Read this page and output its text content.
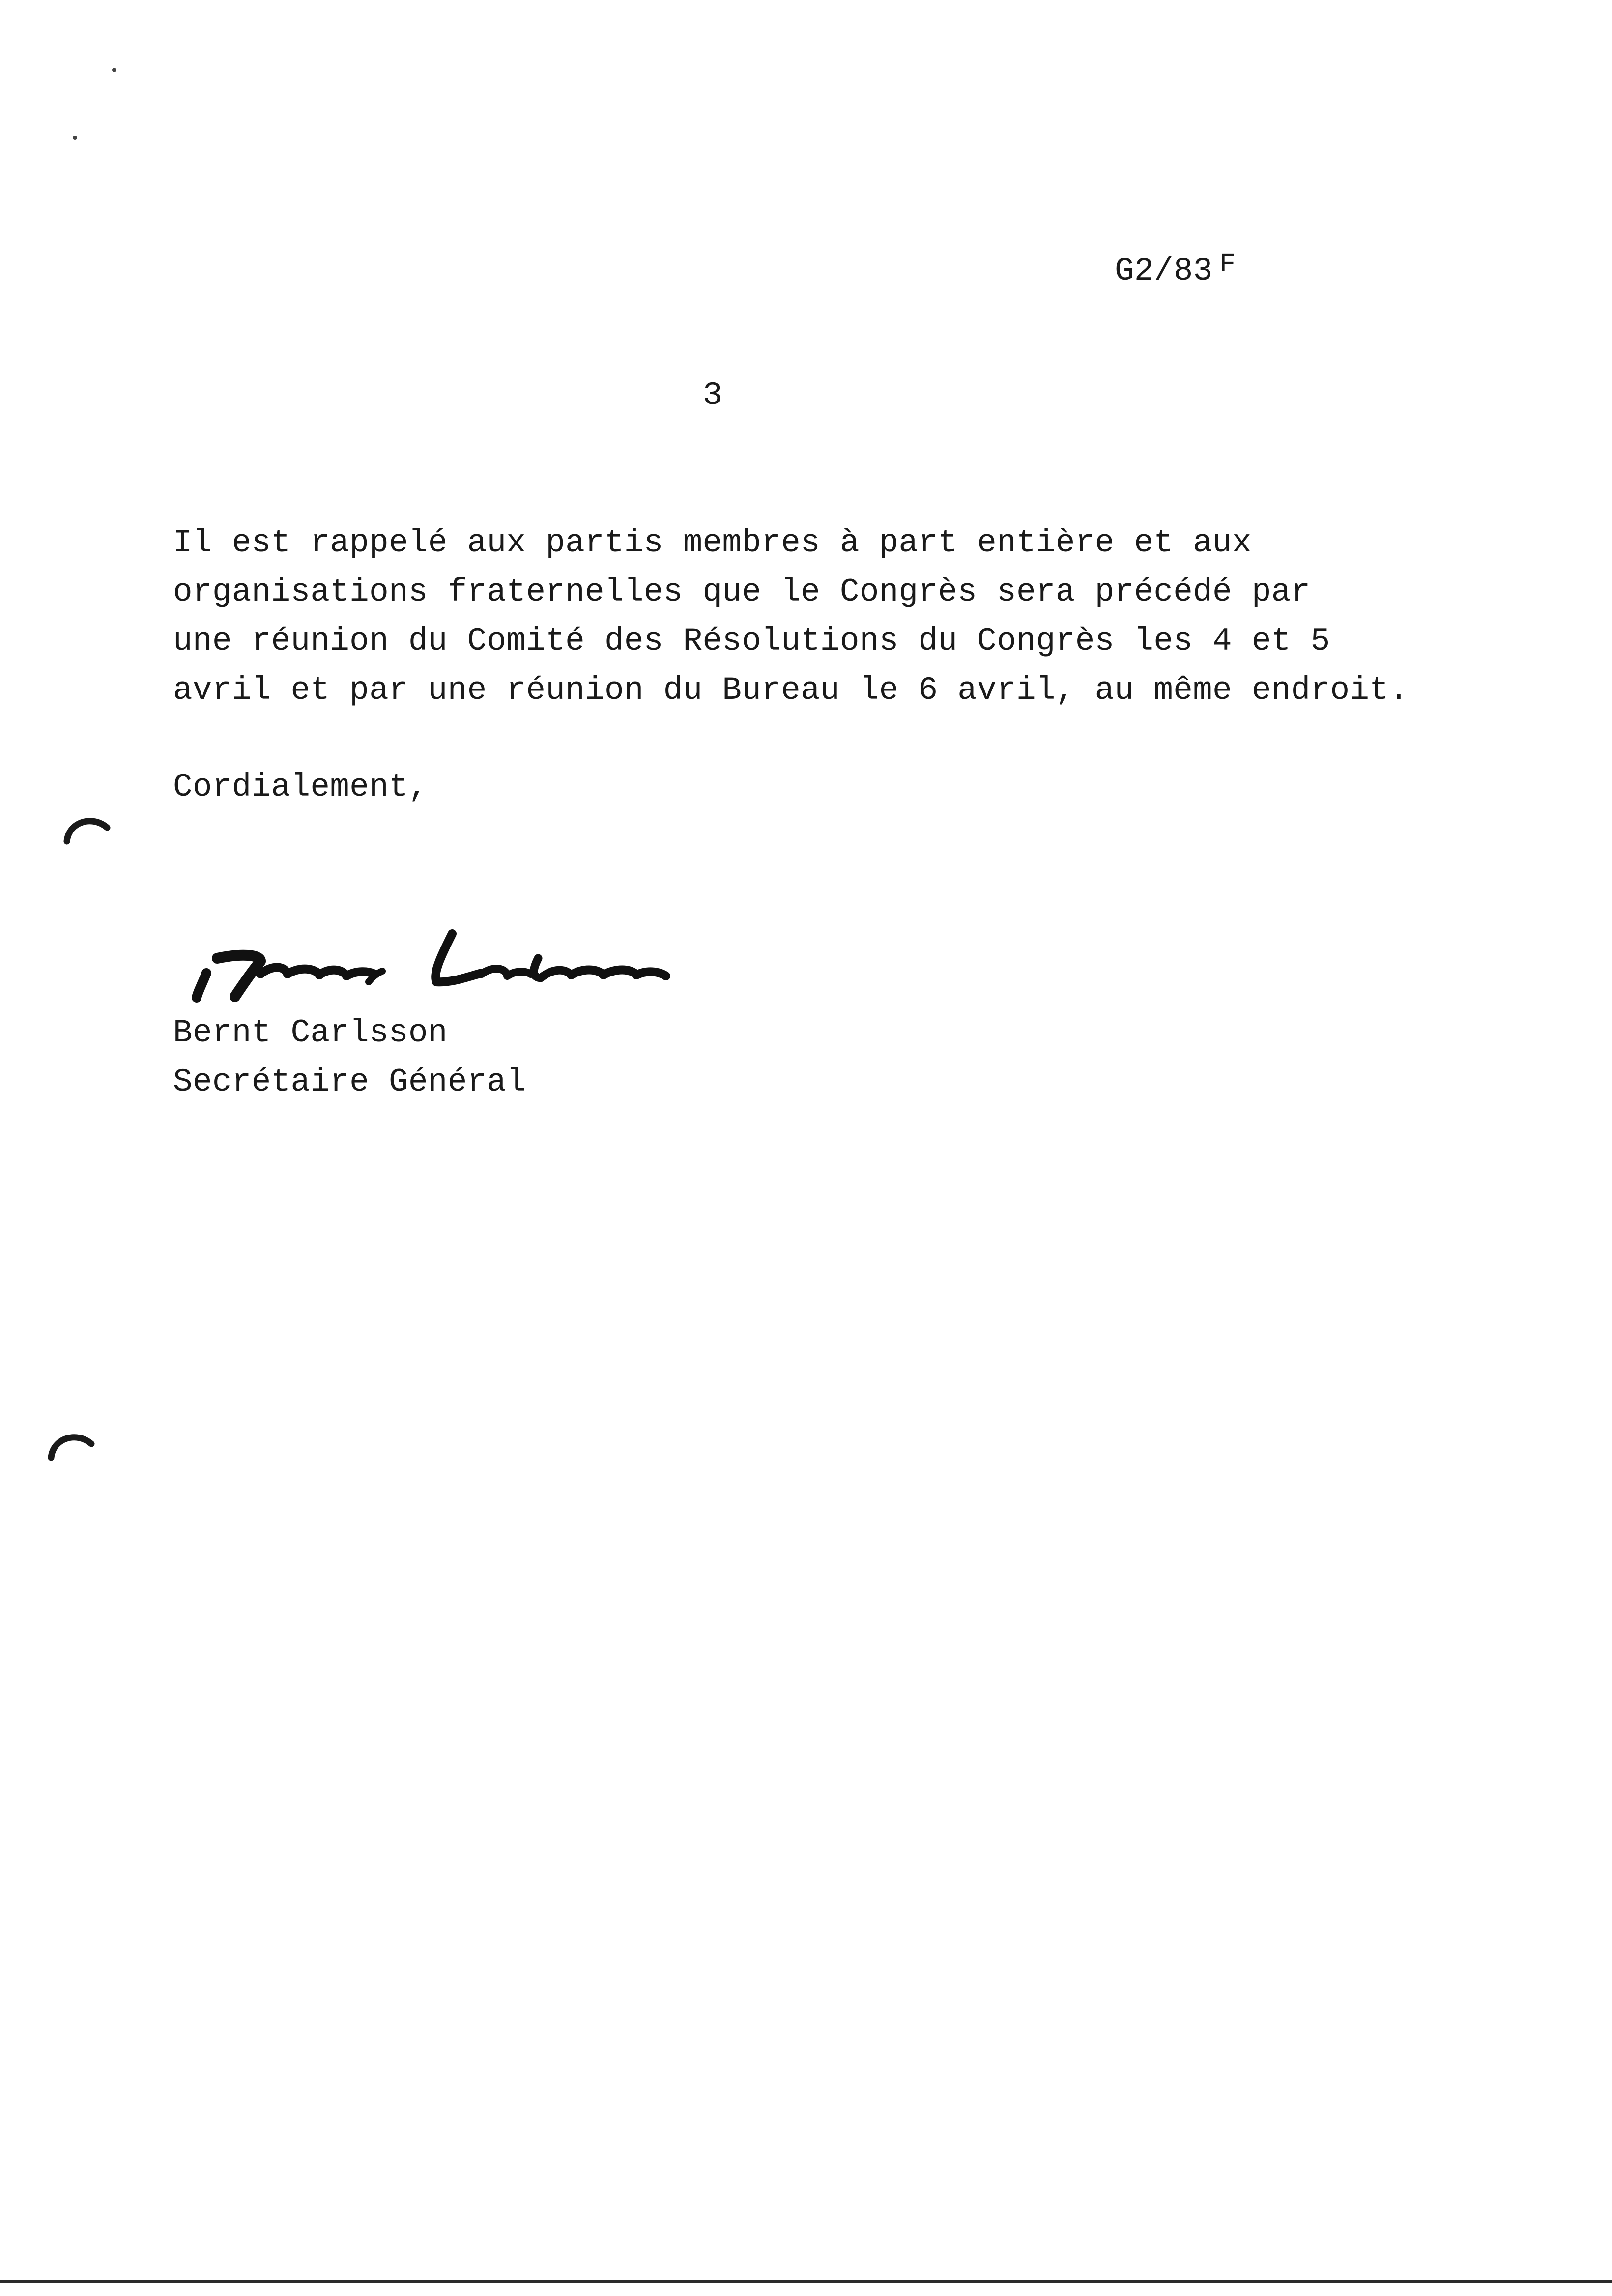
G2/83 $^F$
3
Il est rappelé aux partis membres à part entière et aux
organisations fraternelles que le Congrès sera précédé par
une réunion du Comité des Résolutions du Congrès les 4 et 5
avril et par une réunion du Bureau le 6 avril, au même endroit.
Cordialement,
Bernt Carlsson
Secrétaire Général
